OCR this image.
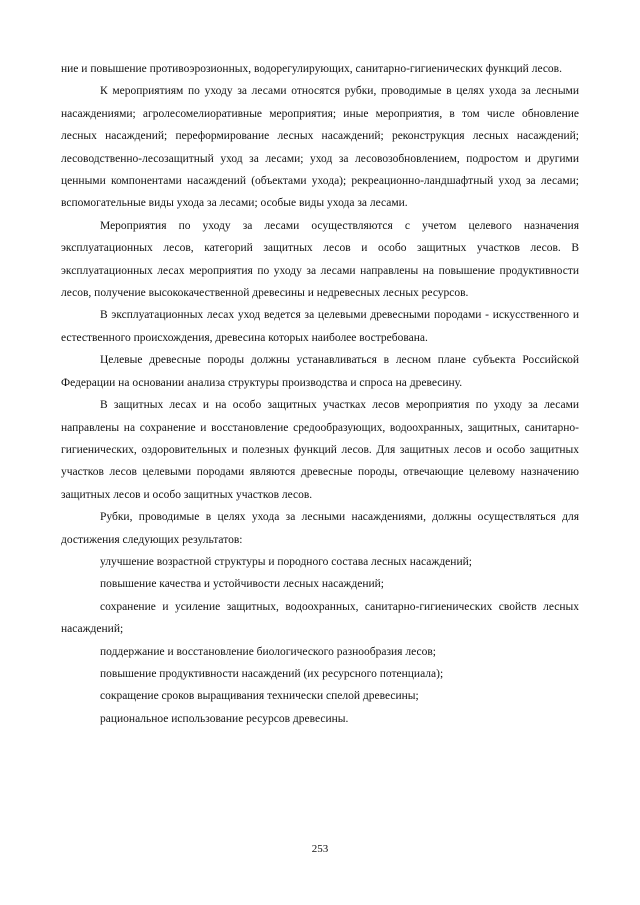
ние и повышение противоэрозионных, водорегулирующих, санитарно-гигиенических функций лесов.

К мероприятиям по уходу за лесами относятся рубки, проводимые в целях ухода за лесными насаждениями; агролесомелиоративные мероприятия; иные мероприятия, в том числе обновление лесных насаждений; переформирование лесных насаждений; реконструкция лесных насаждений; лесоводственно-лесозащитный уход за лесами; уход за лесовозобновлением, подростом и другими ценными компонентами насаждений (объектами ухода); рекреационно-ландшафтный уход за лесами; вспомогательные виды ухода за лесами; особые виды ухода за лесами.

Мероприятия по уходу за лесами осуществляются с учетом целевого назначения эксплуатационных лесов, категорий защитных лесов и особо защитных участков лесов. В эксплуатационных лесах мероприятия по уходу за лесами направлены на повышение продуктивности лесов, получение высококачественной древесины и недревесных лесных ресурсов.

В эксплуатационных лесах уход ведется за целевыми древесными породами - искусственного и естественного происхождения, древесина которых наиболее востребована.

Целевые древесные породы должны устанавливаться в лесном плане субъекта Российской Федерации на основании анализа структуры производства и спроса на древесину.

В защитных лесах и на особо защитных участках лесов мероприятия по уходу за лесами направлены на сохранение и восстановление средообразующих, водоохранных, защитных, санитарно-гигиенических, оздоровительных и полезных функций лесов. Для защитных лесов и особо защитных участков лесов целевыми породами являются древесные породы, отвечающие целевому назначению защитных лесов и особо защитных участков лесов.

Рубки, проводимые в целях ухода за лесными насаждениями, должны осуществляться для достижения следующих результатов:

улучшение возрастной структуры и породного состава лесных насаждений;

повышение качества и устойчивости лесных насаждений;

сохранение и усиление защитных, водоохранных, санитарно-гигиенических свойств лесных насаждений;

поддержание и восстановление биологического разнообразия лесов;

повышение продуктивности насаждений (их ресурсного потенциала);

сокращение сроков выращивания технически спелой древесины;

рациональное использование ресурсов древесины.

253
